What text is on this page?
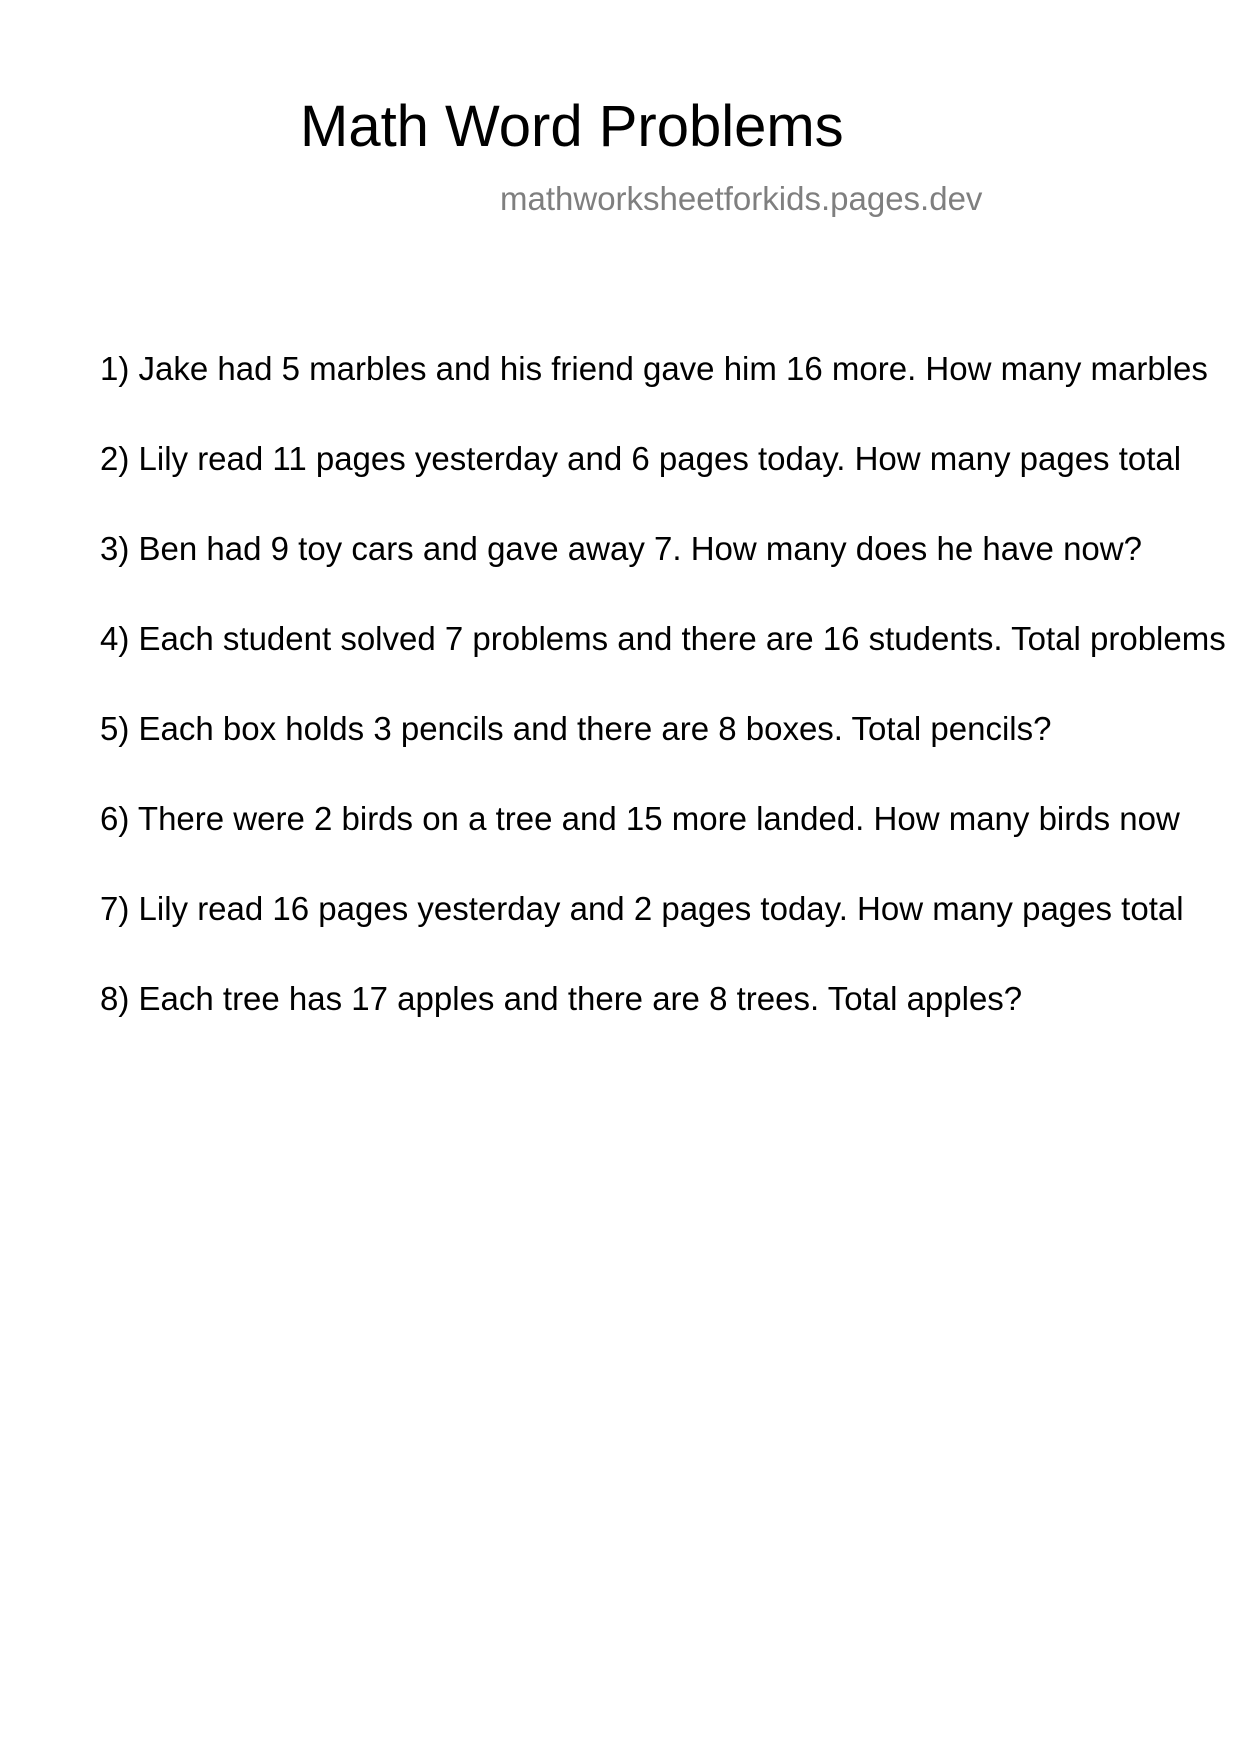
Math Word Problems
mathworksheetforkids.pages.dev
1) Jake had 5 marbles and his friend gave him 16 more. How many marbles
2) Lily read 11 pages yesterday and 6 pages today. How many pages total
3) Ben had 9 toy cars and gave away 7. How many does he have now?
4) Each student solved 7 problems and there are 16 students. Total problems
5) Each box holds 3 pencils and there are 8 boxes. Total pencils?
6) There were 2 birds on a tree and 15 more landed. How many birds now
7) Lily read 16 pages yesterday and 2 pages today. How many pages total
8) Each tree has 17 apples and there are 8 trees. Total apples?
